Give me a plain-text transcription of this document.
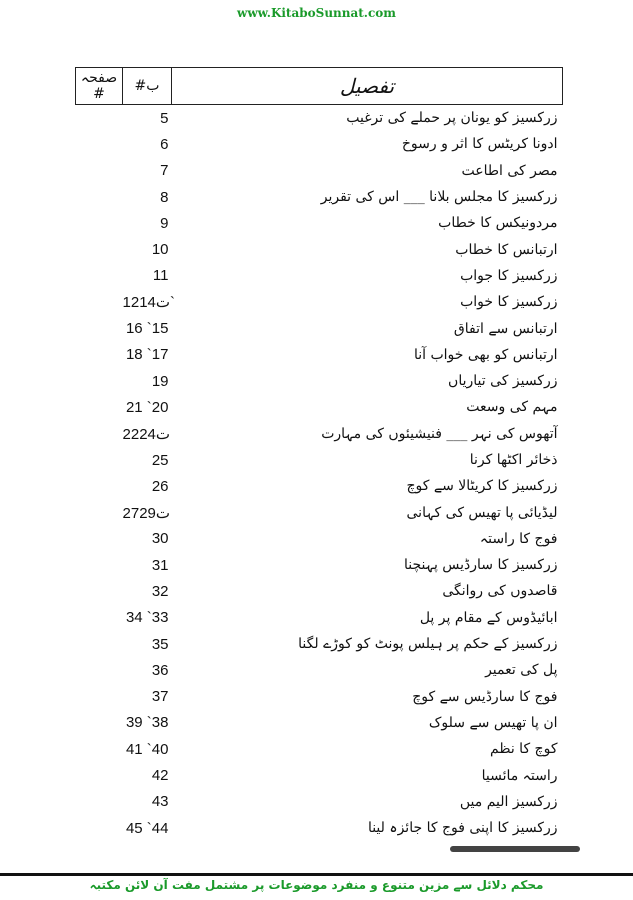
www.KitaboSunnat.com
صفحہ #	#ب	تفصیل
	5	زرکسیز کو یونان پر حملے کی ترغیب
	6	ادونا کریٹس کا اثر و رسوخ
	7	مصر کی اطاعت
	8	زرکسیز کا مجلس بلانا ___ اس کی تقریر
	9	مردونیکس کا خطاب
	10	ارتبانس کا خطاب
	11	زرکسیز کا جواب
	12ت14`	زرکسیز کا خواب
	16 `15	ارتبانس سے اتفاق
	18 `17	ارتبانس کو بھی خواب آنا
	19	زرکسیز کی تیاریاں
	21 `20	مہم کی وسعت
	22ت24	آتھوس کی نہر ___ فنیشیئوں کی مہارت
	25	ذخائر اکٹھا کرنا
	26	زرکسیز کا کریٹالا سے کوچ
	27ت29	لیڈیائی پا تھیس کی کہانی
	30	فوج کا راستہ
	31	زرکسیز کا سارڈیس پہنچنا
	32	قاصدوں کی روانگی
	34 `33	ابائیڈوس کے مقام پر پل
	35	زرکسیز کے حکم پر ہیلس پونٹ کو کوڑے لگنا
	36	پل کی تعمیر
	37	فوج کا سارڈیس سے کوچ
	39 `38	ان پا تھیس سے سلوک
	41 `40	کوچ کا نظم
	42	راستہ مائسیا
	43	زرکسیز الیم میں
	45 `44	زرکسیز کا اپنی فوج کا جائزہ لینا
محکم دلائل سے مزین متنوع و منفرد موضوعات پر مشتمل مفت آن لائن مکتبہ
